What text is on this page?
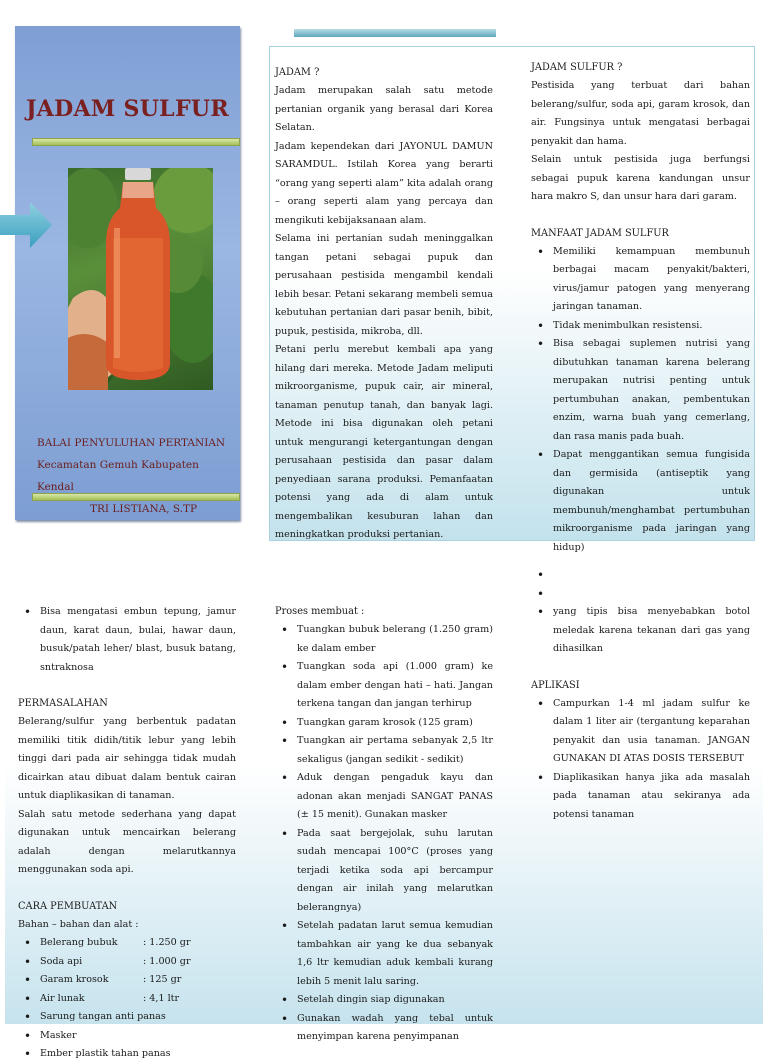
JADAM SULFUR
BALAI PENYULUHAN PERTANIAN
Kecamatan Gemuh Kabupaten Kendal
TRI LISTIANA, S.TP
JADAM ?

Jadam merupakan salah satu metode pertanian organik yang berasal dari Korea Selatan.

Jadam kependekan dari JAYONUL DAMUN SARAMDUL. Istilah Korea yang berarti “orang yang seperti alam” kita adalah orang – orang seperti alam yang percaya dan mengikuti kebijaksanaan alam.

Selama ini pertanian sudah meninggalkan tangan petani sebagai pupuk dan perusahaan pestisida mengambil kendali lebih besar. Petani sekarang membeli semua kebutuhan pertanian dari pasar benih, bibit, pupuk, pestisida, mikroba, dll.

Petani perlu merebut kembali apa yang hilang dari mereka. Metode Jadam meliputi mikroorganisme, pupuk cair, air mineral, tanaman penutup tanah, dan banyak lagi. Metode ini bisa digunakan oleh petani untuk mengurangi ketergantungan dengan perusahaan pestisida dan pasar dalam penyediaan sarana produksi. Pemanfaatan potensi yang ada di alam untuk mengembalikan kesuburan lahan dan meningkatkan produksi pertanian.

JADAM SULFUR ?

Pestisida yang terbuat dari bahan belerang/sulfur, soda api, garam krosok, dan air. Fungsinya untuk mengatasi berbagai penyakit dan hama.

Selain untuk pestisida juga berfungsi sebagai pupuk karena kandungan unsur hara makro S, dan unsur hara dari garam.

MANFAAT JADAM SULFUR
• Memiliki kemampuan membunuh berbagai macam penyakit/bakteri, virus/jamur patogen yang menyerang jaringan tanaman.
• Tidak menimbulkan resistensi.
• Bisa sebagai suplemen nutrisi yang dibutuhkan tanaman karena belerang merupakan nutrisi penting untuk pertumbuhan anakan, pembentukan enzim, warna buah yang cemerlang, dan rasa manis pada buah.
• Dapat menggantikan semua fungisida dan germisida (antiseptik yang digunakan untuk membunuh/menghambat pertumbuhan mikroorganisme pada jaringan yang hidup)
• Bisa mengatasi embun tepung, jamur daun, karat daun, bulai, hawar daun, busuk/patah leher/ blast, busuk batang, sntraknosa
PERMASALAHAN

Belerang/sulfur yang berbentuk padatan memiliki titik didih/titik lebur yang lebih tinggi dari pada air sehingga tidak mudah dicairkan atau dibuat dalam bentuk cairan untuk diaplikasikan di tanaman.

Salah satu metode sederhana yang dapat digunakan untuk mencairkan belerang adalah dengan melarutkannya menggunakan soda api.

CARA PEMBUATAN
Bahan – bahan dan alat :
• Belerang bubuk	: 1.250 gr
• Soda api	: 1.000 gr
• Garam krosok	: 125 gr
• Air lunak	: 4,1 ltr
• Sarung tangan anti panas
• Masker
• Ember plastik tahan panas
Proses membuat :
• Tuangkan bubuk belerang (1.250 gram) ke dalam ember
• Tuangkan soda api (1.000 gram) ke dalam ember dengan hati – hati. Jangan terkena tangan dan jangan terhirup
• Tuangkan garam krosok (125 gram)
• Tuangkan air pertama sebanyak 2,5 ltr sekaligus (jangan sedikit - sedikit)
• Aduk dengan pengaduk kayu dan adonan akan menjadi SANGAT PANAS (± 15 menit). Gunakan masker
• Pada saat bergejolak, suhu larutan sudah mencapai 100°C (proses yang terjadi ketika soda api bercampur dengan air inilah yang melarutkan belerangnya)
• Setelah padatan larut semua kemudian tambahkan air yang ke dua sebanyak 1,6 ltr kemudian aduk kembali kurang lebih 5 menit lalu saring.
• Setelah dingin siap digunakan
• Gunakan wadah yang tebal untuk menyimpan karena penyimpanan
•
•
• yang tipis bisa menyebabkan botol meledak karena tekanan dari gas yang dihasilkan
APLIKASI
• Campurkan 1-4 ml jadam sulfur ke dalam 1 liter air (tergantung keparahan penyakit dan usia tanaman. JANGAN GUNAKAN DI ATAS DOSIS TERSEBUT
• Diaplikasikan hanya jika ada masalah pada tanaman atau sekiranya ada potensi tanaman
